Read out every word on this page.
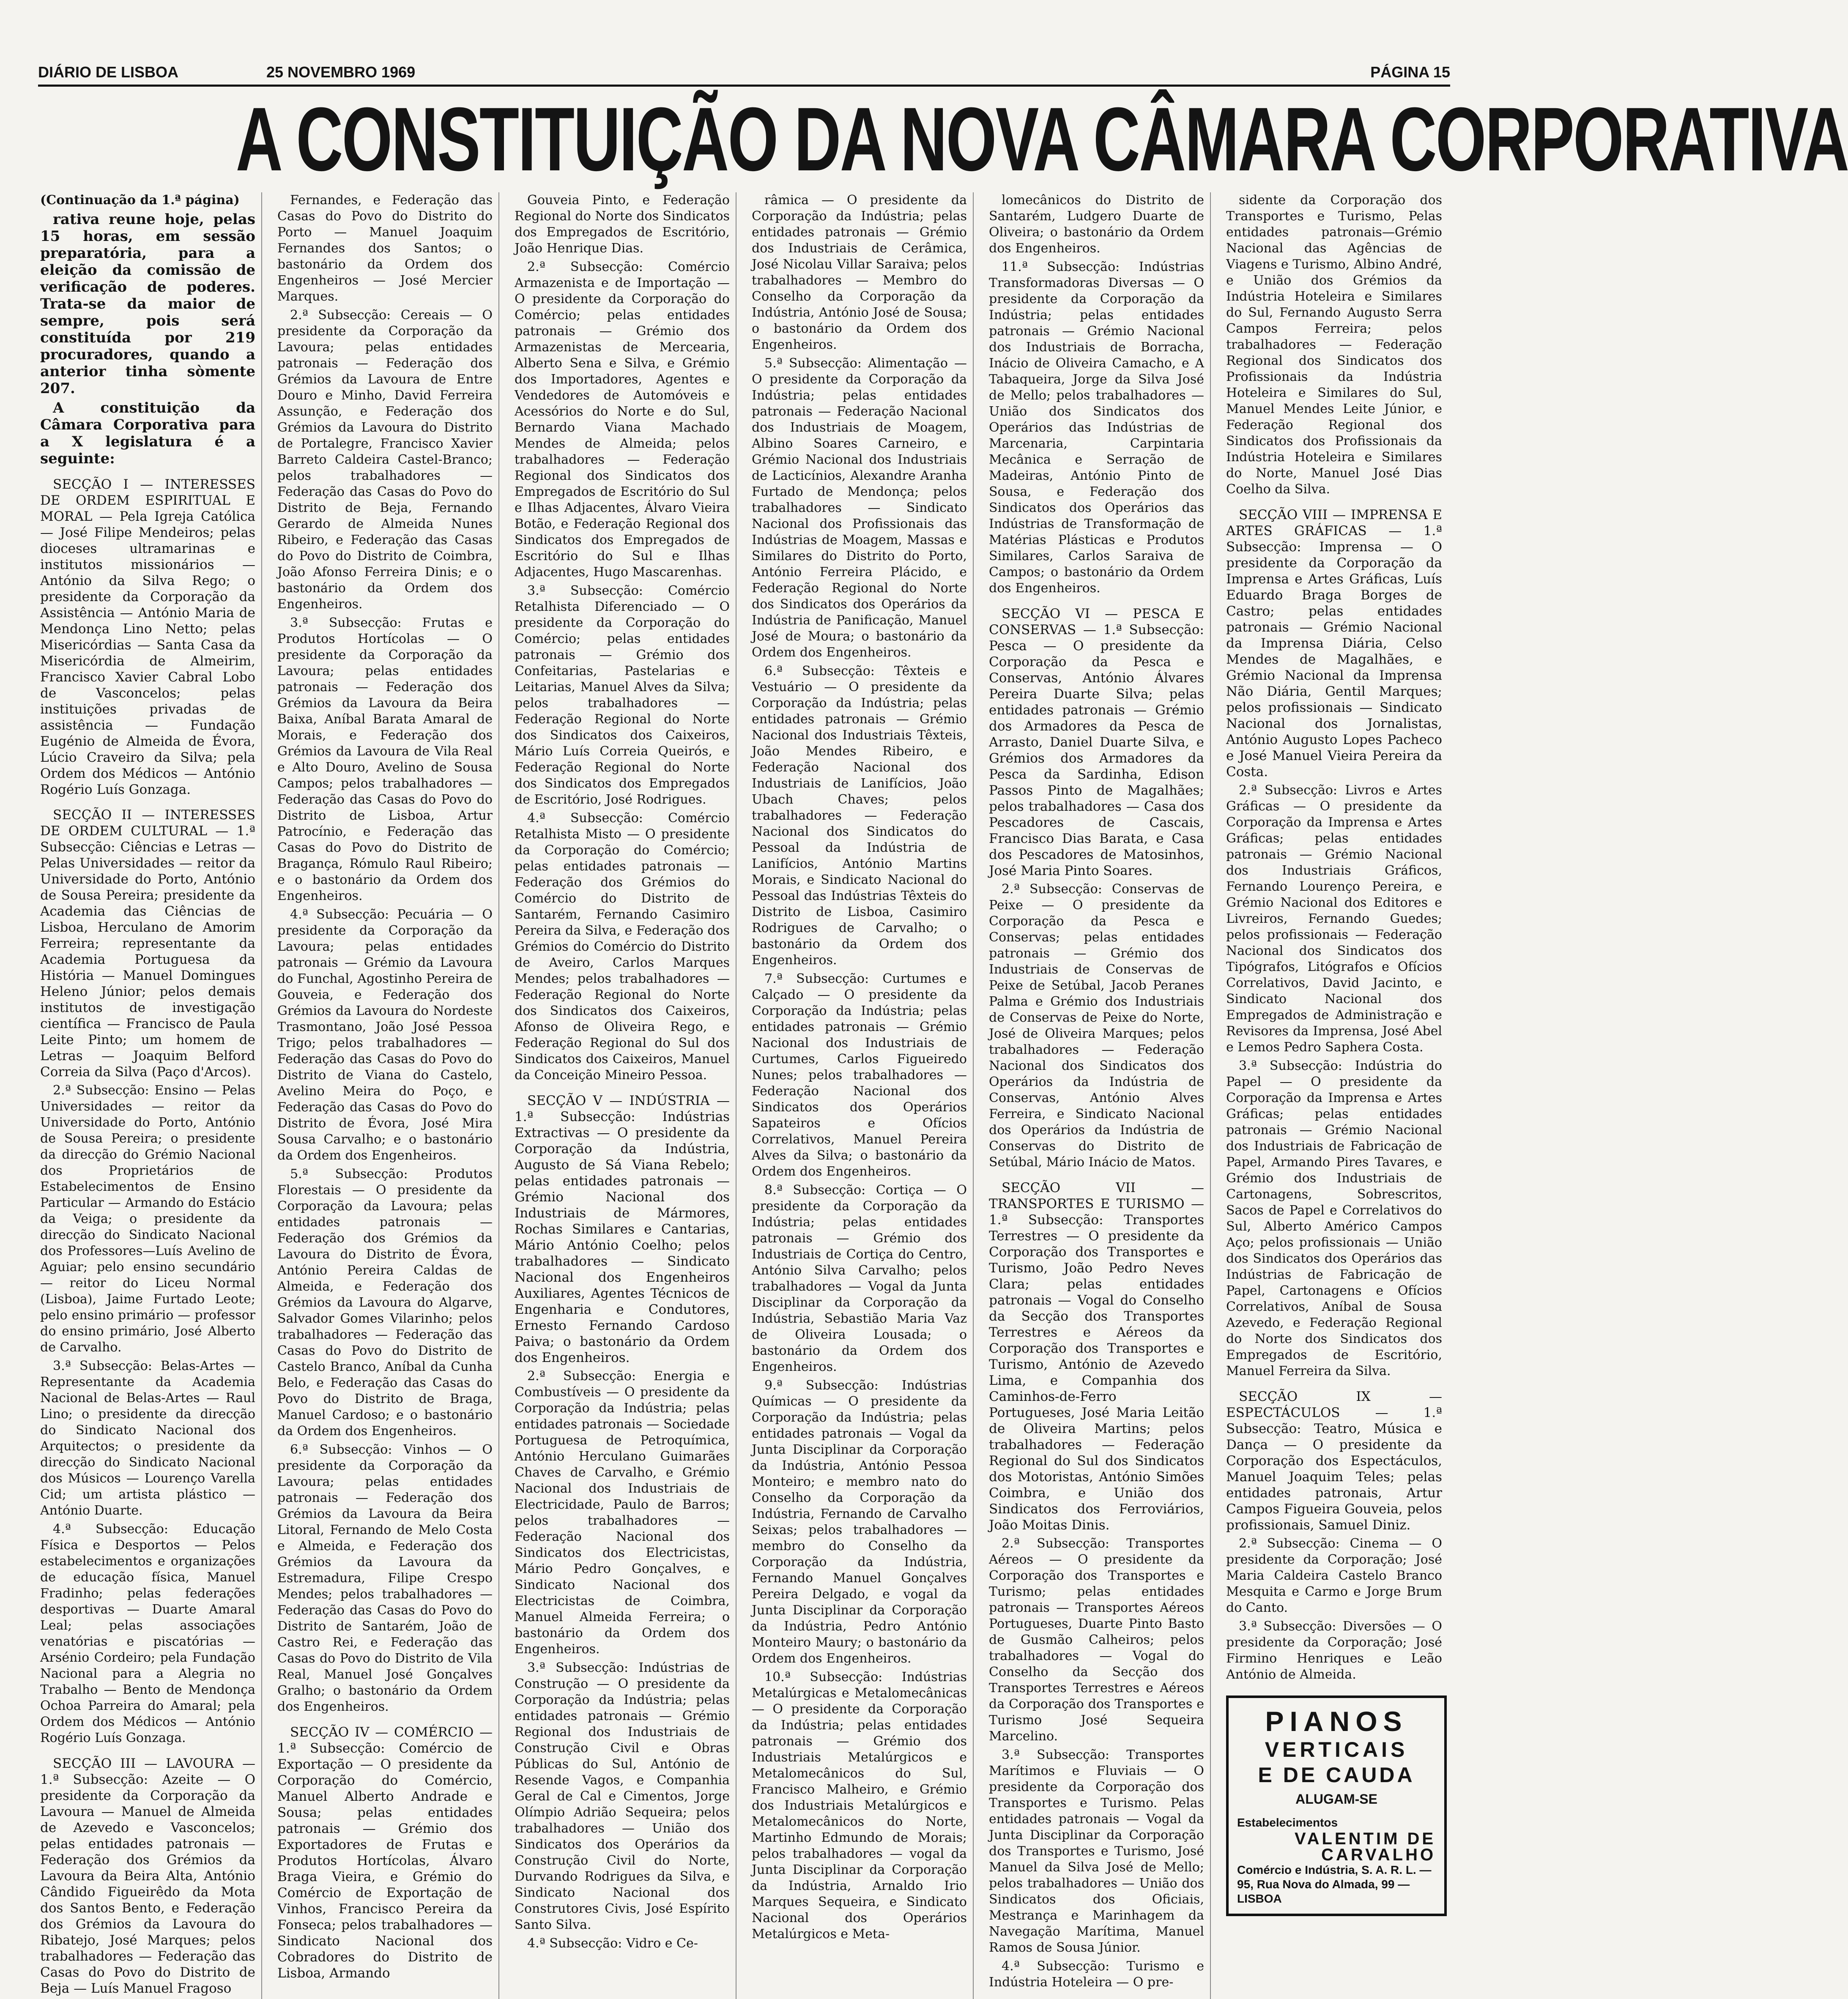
DIÁRIO DE LISBOA	25 NOVEMBRO 1969	PÁGINA 15
A CONSTITUIÇÃO DA NOVA CÂMARA CORPORATIVA

(Continuação da 1.ª página)

rativa reune hoje, pelas 15 horas, em sessão preparatória, para a eleição da comissão de verificação de poderes. Trata-se da maior de sempre, pois será constituída por 219 procuradores, quando a anterior tinha sòmente 207.

A constituição da Câmara Corporativa para a X legislatura é a seguinte:

SECÇÃO I — INTERESSES DE ORDEM ESPIRITUAL E MORAL — Pela Igreja Católica — José Filipe Mendeiros; pelas dioceses ultramarinas e institutos missionários — António da Silva Rego; o presidente da Corporação da Assistência — António Maria de Mendonça Lino Netto; pelas Misericórdias — Santa Casa da Misericórdia de Almeirim, Francisco Xavier Cabral Lobo de Vasconcelos; pelas instituições privadas de assistência — Fundação Eugénio de Almeida de Évora, Lúcio Craveiro da Silva; pela Ordem dos Médicos — António Rogério Luís Gonzaga.

SECÇÃO II — INTERESSES DE ORDEM CULTURAL — 1.ª Subsecção: Ciências e Letras — Pelas Universidades — reitor da Universidade do Porto, António de Sousa Pereira; presidente da Academia das Ciências de Lisboa, Herculano de Amorim Ferreira; representante da Academia Portuguesa da História — Manuel Domingues Heleno Júnior; pelos demais institutos de investigação científica — Francisco de Paula Leite Pinto; um homem de Letras — Joaquim Belford Correia da Silva (Paço d'Arcos).

2.ª Subsecção: Ensino — Pelas Universidades — reitor da Universidade do Porto, António de Sousa Pereira; o presidente da direcção do Grémio Nacional dos Proprietários de Estabelecimentos de Ensino Particular — Armando do Estácio da Veiga; o presidente da direcção do Sindicato Nacional dos Professores—Luís Avelino de Aguiar; pelo ensino secundário — reitor do Liceu Normal (Lisboa), Jaime Furtado Leote; pelo ensino primário — professor do ensino primário, José Alberto de Carvalho.

3.ª Subsecção: Belas-Artes — Representante da Academia Nacional de Belas-Artes — Raul Lino; o presidente da direcção do Sindicato Nacional dos Arquitectos; o presidente da direcção do Sindicato Nacional dos Músicos — Lourenço Varella Cid; um artista plástico — António Duarte.

4.ª Subsecção: Educação Física e Desportos — Pelos estabelecimentos e organizações de educação física, Manuel Fradinho; pelas federações desportivas — Duarte Amaral Leal; pelas associações venatórias e piscatórias — Arsénio Cordeiro; pela Fundação Nacional para a Alegria no Trabalho — Bento de Mendonça Ochoa Parreira do Amaral; pela Ordem dos Médicos — António Rogério Luís Gonzaga.

SECÇÃO III — LAVOURA — 1.ª Subsecção: Azeite — O presidente da Corporação da Lavoura — Manuel de Almeida de Azevedo e Vasconcelos; pelas entidades patronais — Federação dos Grémios da Lavoura da Beira Alta, António Cândido Figueirêdo da Mota dos Santos Bento, e Federação dos Grémios da Lavoura do Ribatejo, José Marques; pelos trabalhadores — Federação das Casas do Povo do Distrito de Beja — Luís Manuel Fragoso

Fernandes, e Federação das Casas do Povo do Distrito do Porto — Manuel Joaquim Fernandes dos Santos; o bastonário da Ordem dos Engenheiros — José Mercier Marques.

2.ª Subsecção: Cereais — O presidente da Corporação da Lavoura; pelas entidades patronais — Federação dos Grémios da Lavoura de Entre Douro e Minho, David Ferreira Assunção, e Federação dos Grémios da Lavoura do Distrito de Portalegre, Francisco Xavier Barreto Caldeira Castel-Branco; pelos trabalhadores — Federação das Casas do Povo do Distrito de Beja, Fernando Gerardo de Almeida Nunes Ribeiro, e Federação das Casas do Povo do Distrito de Coimbra, João Afonso Ferreira Dinis; e o bastonário da Ordem dos Engenheiros.

3.ª Subsecção: Frutas e Produtos Hortícolas — O presidente da Corporação da Lavoura; pelas entidades patronais — Federação dos Grémios da Lavoura da Beira Baixa, Aníbal Barata Amaral de Morais, e Federação dos Grémios da Lavoura de Vila Real e Alto Douro, Avelino de Sousa Campos; pelos trabalhadores — Federação das Casas do Povo do Distrito de Lisboa, Artur Patrocínio, e Federação das Casas do Povo do Distrito de Bragança, Rómulo Raul Ribeiro; e o bastonário da Ordem dos Engenheiros.

4.ª Subsecção: Pecuária — O presidente da Corporação da Lavoura; pelas entidades patronais — Grémio da Lavoura do Funchal, Agostinho Pereira de Gouveia, e Federação dos Grémios da Lavoura do Nordeste Trasmontano, João José Pessoa Trigo; pelos trabalhadores — Federação das Casas do Povo do Distrito de Viana do Castelo, Avelino Meira do Poço, e Federação das Casas do Povo do Distrito de Évora, José Mira Sousa Carvalho; e o bastonário da Ordem dos Engenheiros.

5.ª Subsecção: Produtos Florestais — O presidente da Corporação da Lavoura; pelas entidades patronais — Federação dos Grémios da Lavoura do Distrito de Évora, António Pereira Caldas de Almeida, e Federação dos Grémios da Lavoura do Algarve, Salvador Gomes Vilarinho; pelos trabalhadores — Federação das Casas do Povo do Distrito de Castelo Branco, Aníbal da Cunha Belo, e Federação das Casas do Povo do Distrito de Braga, Manuel Cardoso; e o bastonário da Ordem dos Engenheiros.

6.ª Subsecção: Vinhos — O presidente da Corporação da Lavoura; pelas entidades patronais — Federação dos Grémios da Lavoura da Beira Litoral, Fernando de Melo Costa e Almeida, e Federação dos Grémios da Lavoura da Estremadura, Filipe Crespo Mendes; pelos trabalhadores — Federação das Casas do Povo do Distrito de Santarém, João de Castro Rei, e Federação das Casas do Povo do Distrito de Vila Real, Manuel José Gonçalves Gralho; o bastonário da Ordem dos Engenheiros.

SECÇÃO IV — COMÉRCIO — 1.ª Subsecção: Comércio de Exportação — O presidente da Corporação do Comércio, Manuel Alberto Andrade e Sousa; pelas entidades patronais — Grémio dos Exportadores de Frutas e Produtos Hortícolas, Álvaro Braga Vieira, e Grémio do Comércio de Exportação de Vinhos, Francisco Pereira da Fonseca; pelos trabalhadores — Sindicato Nacional dos Cobradores do Distrito de Lisboa, Armando

Gouveia Pinto, e Federação Regional do Norte dos Sindicatos dos Empregados de Escritório, João Henrique Dias.

2.ª Subsecção: Comércio Armazenista e de Importação — O presidente da Corporação do Comércio; pelas entidades patronais — Grémio dos Armazenistas de Mercearia, Alberto Sena e Silva, e Grémio dos Importadores, Agentes e Vendedores de Automóveis e Acessórios do Norte e do Sul, Bernardo Viana Machado Mendes de Almeida; pelos trabalhadores — Federação Regional dos Sindicatos dos Empregados de Escritório do Sul e Ilhas Adjacentes, Álvaro Vieira Botão, e Federação Regional dos Sindicatos dos Empregados de Escritório do Sul e Ilhas Adjacentes, Hugo Mascarenhas.

3.ª Subsecção: Comércio Retalhista Diferenciado — O presidente da Corporação do Comércio; pelas entidades patronais — Grémio dos Confeitarias, Pastelarias e Leitarias, Manuel Alves da Silva; pelos trabalhadores — Federação Regional do Norte dos Sindicatos dos Caixeiros, Mário Luís Correia Queirós, e Federação Regional do Norte dos Sindicatos dos Empregados de Escritório, José Rodrigues.

4.ª Subsecção: Comércio Retalhista Misto — O presidente da Corporação do Comércio; pelas entidades patronais — Federação dos Grémios do Comércio do Distrito de Santarém, Fernando Casimiro Pereira da Silva, e Federação dos Grémios do Comércio do Distrito de Aveiro, Carlos Marques Mendes; pelos trabalhadores — Federação Regional do Norte dos Sindicatos dos Caixeiros, Afonso de Oliveira Rego, e Federação Regional do Sul dos Sindicatos dos Caixeiros, Manuel da Conceição Mineiro Pessoa.

SECÇÃO V — INDÚSTRIA — 1.ª Subsecção: Indústrias Extractivas — O presidente da Corporação da Indústria, Augusto de Sá Viana Rebelo; pelas entidades patronais — Grémio Nacional dos Industriais de Mármores, Rochas Similares e Cantarias, Mário António Coelho; pelos trabalhadores — Sindicato Nacional dos Engenheiros Auxiliares, Agentes Técnicos de Engenharia e Condutores, Ernesto Fernando Cardoso Paiva; o bastonário da Ordem dos Engenheiros.

2.ª Subsecção: Energia e Combustíveis — O presidente da Corporação da Indústria; pelas entidades patronais — Sociedade Portuguesa de Petroquímica, António Herculano Guimarães Chaves de Carvalho, e Grémio Nacional dos Industriais de Electricidade, Paulo de Barros; pelos trabalhadores — Federação Nacional dos Sindicatos dos Electricistas, Mário Pedro Gonçalves, e Sindicato Nacional dos Electricistas de Coimbra, Manuel Almeida Ferreira; o bastonário da Ordem dos Engenheiros.

3.ª Subsecção: Indústrias de Construção — O presidente da Corporação da Indústria; pelas entidades patronais — Grémio Regional dos Industriais de Construção Civil e Obras Públicas do Sul, António de Resende Vagos, e Companhia Geral de Cal e Cimentos, Jorge Olímpio Adrião Sequeira; pelos trabalhadores — União dos Sindicatos dos Operários da Construção Civil do Norte, Durvando Rodrigues da Silva, e Sindicato Nacional dos Construtores Civis, José Espírito Santo Silva.

4.ª Subsecção: Vidro e Ce-

râmica — O presidente da Corporação da Indústria; pelas entidades patronais — Grémio dos Industriais de Cerâmica, José Nicolau Villar Saraiva; pelos trabalhadores — Membro do Conselho da Corporação da Indústria, António José de Sousa; o bastonário da Ordem dos Engenheiros.

5.ª Subsecção: Alimentação — O presidente da Corporação da Indústria; pelas entidades patronais — Federação Nacional dos Industriais de Moagem, Albino Soares Carneiro, e Grémio Nacional dos Industriais de Lacticínios, Alexandre Aranha Furtado de Mendonça; pelos trabalhadores — Sindicato Nacional dos Profissionais das Indústrias de Moagem, Massas e Similares do Distrito do Porto, António Ferreira Plácido, e Federação Regional do Norte dos Sindicatos dos Operários da Indústria de Panificação, Manuel José de Moura; o bastonário da Ordem dos Engenheiros.

6.ª Subsecção: Têxteis e Vestuário — O presidente da Corporação da Indústria; pelas entidades patronais — Grémio Nacional dos Industriais Têxteis, João Mendes Ribeiro, e Federação Nacional dos Industriais de Lanifícios, João Ubach Chaves; pelos trabalhadores — Federação Nacional dos Sindicatos do Pessoal da Indústria de Lanifícios, António Martins Morais, e Sindicato Nacional do Pessoal das Indústrias Têxteis do Distrito de Lisboa, Casimiro Rodrigues de Carvalho; o bastonário da Ordem dos Engenheiros.

7.ª Subsecção: Curtumes e Calçado — O presidente da Corporação da Indústria; pelas entidades patronais — Grémio Nacional dos Industriais de Curtumes, Carlos Figueiredo Nunes; pelos trabalhadores — Federação Nacional dos Sindicatos dos Operários Sapateiros e Ofícios Correlativos, Manuel Pereira Alves da Silva; o bastonário da Ordem dos Engenheiros.

8.ª Subsecção: Cortiça — O presidente da Corporação da Indústria; pelas entidades patronais — Grémio dos Industriais de Cortiça do Centro, António Silva Carvalho; pelos trabalhadores — Vogal da Junta Disciplinar da Corporação da Indústria, Sebastião Maria Vaz de Oliveira Lousada; o bastonário da Ordem dos Engenheiros.

9.ª Subsecção: Indústrias Químicas — O presidente da Corporação da Indústria; pelas entidades patronais — Vogal da Junta Disciplinar da Corporação da Indústria, António Pessoa Monteiro; e membro nato do Conselho da Corporação da Indústria, Fernando de Carvalho Seixas; pelos trabalhadores — membro do Conselho da Corporação da Indústria, Fernando Manuel Gonçalves Pereira Delgado, e vogal da Junta Disciplinar da Corporação da Indústria, Pedro António Monteiro Maury; o bastonário da Ordem dos Engenheiros.

10.ª Subsecção: Indústrias Metalúrgicas e Metalomecânicas — O presidente da Corporação da Indústria; pelas entidades patronais — Grémio dos Industriais Metalúrgicos e Metalomecânicos do Sul, Francisco Malheiro, e Grémio dos Industriais Metalúrgicos e Metalomecânicos do Norte, Martinho Edmundo de Morais; pelos trabalhadores — vogal da Junta Disciplinar da Corporação da Indústria, Arnaldo Irio Marques Sequeira, e Sindicato Nacional dos Operários Metalúrgicos e Meta-

lomecânicos do Distrito de Santarém, Ludgero Duarte de Oliveira; o bastonário da Ordem dos Engenheiros.

11.ª Subsecção: Indústrias Transformadoras Diversas — O presidente da Corporação da Indústria; pelas entidades patronais — Grémio Nacional dos Industriais de Borracha, Inácio de Oliveira Camacho, e A Tabaqueira, Jorge da Silva José de Mello; pelos trabalhadores — União dos Sindicatos dos Operários das Indústrias de Marcenaria, Carpintaria Mecânica e Serração de Madeiras, António Pinto de Sousa, e Federação dos Sindicatos dos Operários das Indústrias de Transformação de Matérias Plásticas e Produtos Similares, Carlos Saraiva de Campos; o bastonário da Ordem dos Engenheiros.

SECÇÃO VI — PESCA E CONSERVAS — 1.ª Subsecção: Pesca — O presidente da Corporação da Pesca e Conservas, António Álvares Pereira Duarte Silva; pelas entidades patronais — Grémio dos Armadores da Pesca de Arrasto, Daniel Duarte Silva, e Grémios dos Armadores da Pesca da Sardinha, Edison Passos Pinto de Magalhães; pelos trabalhadores — Casa dos Pescadores de Cascais, Francisco Dias Barata, e Casa dos Pescadores de Matosinhos, José Maria Pinto Soares.

2.ª Subsecção: Conservas de Peixe — O presidente da Corporação da Pesca e Conservas; pelas entidades patronais — Grémio dos Industriais de Conservas de Peixe de Setúbal, Jacob Peranes Palma e Grémio dos Industriais de Conservas de Peixe do Norte, José de Oliveira Marques; pelos trabalhadores — Federação Nacional dos Sindicatos dos Operários da Indústria de Conservas, António Alves Ferreira, e Sindicato Nacional dos Operários da Indústria de Conservas do Distrito de Setúbal, Mário Inácio de Matos.

SECÇÃO VII — TRANSPORTES E TURISMO — 1.ª Subsecção: Transportes Terrestres — O presidente da Corporação dos Transportes e Turismo, João Pedro Neves Clara; pelas entidades patronais — Vogal do Conselho da Secção dos Transportes Terrestres e Aéreos da Corporação dos Transportes e Turismo, António de Azevedo Lima, e Companhia dos Caminhos-de-Ferro Portugueses, José Maria Leitão de Oliveira Martins; pelos trabalhadores — Federação Regional do Sul dos Sindicatos dos Motoristas, António Simões Coimbra, e União dos Sindicatos dos Ferroviários, João Moitas Dinis.

2.ª Subsecção: Transportes Aéreos — O presidente da Corporação dos Transportes e Turismo; pelas entidades patronais — Transportes Aéreos Portugueses, Duarte Pinto Basto de Gusmão Calheiros; pelos trabalhadores — Vogal do Conselho da Secção dos Transportes Terrestres e Aéreos da Corporação dos Transportes e Turismo José Sequeira Marcelino.

3.ª Subsecção: Transportes Marítimos e Fluviais — O presidente da Corporação dos Transportes e Turismo. Pelas entidades patronais — Vogal da Junta Disciplinar da Corporação dos Transportes e Turismo, José Manuel da Silva José de Mello; pelos trabalhadores — União dos Sindicatos dos Oficiais, Mestrança e Marinhagem da Navegação Marítima, Manuel Ramos de Sousa Júnior.

4.ª Subsecção: Turismo e Indústria Hoteleira — O pre-

sidente da Corporação dos Transportes e Turismo, Pelas entidades patronais—Grémio Nacional das Agências de Viagens e Turismo, Albino André, e União dos Grémios da Indústria Hoteleira e Similares do Sul, Fernando Augusto Serra Campos Ferreira; pelos trabalhadores — Federação Regional dos Sindicatos dos Profissionais da Indústria Hoteleira e Similares do Sul, Manuel Mendes Leite Júnior, e Federação Regional dos Sindicatos dos Profissionais da Indústria Hoteleira e Similares do Norte, Manuel José Dias Coelho da Silva.

SECÇÃO VIII — IMPRENSA E ARTES GRÁFICAS — 1.ª Subsecção: Imprensa — O presidente da Corporação da Imprensa e Artes Gráficas, Luís Eduardo Braga Borges de Castro; pelas entidades patronais — Grémio Nacional da Imprensa Diária, Celso Mendes de Magalhães, e Grémio Nacional da Imprensa Não Diária, Gentil Marques; pelos profissionais — Sindicato Nacional dos Jornalistas, António Augusto Lopes Pacheco e José Manuel Vieira Pereira da Costa.

2.ª Subsecção: Livros e Artes Gráficas — O presidente da Corporação da Imprensa e Artes Gráficas; pelas entidades patronais — Grémio Nacional dos Industriais Gráficos, Fernando Lourenço Pereira, e Grémio Nacional dos Editores e Livreiros, Fernando Guedes; pelos profissionais — Federação Nacional dos Sindicatos dos Tipógrafos, Litógrafos e Ofícios Correlativos, David Jacinto, e Sindicato Nacional dos Empregados de Administração e Revisores da Imprensa, José Abel e Lemos Pedro Saphera Costa.

3.ª Subsecção: Indústria do Papel — O presidente da Corporação da Imprensa e Artes Gráficas; pelas entidades patronais — Grémio Nacional dos Industriais de Fabricação de Papel, Armando Pires Tavares, e Grémio dos Industriais de Cartonagens, Sobrescritos, Sacos de Papel e Correlativos do Sul, Alberto Américo Campos Aço; pelos profissionais — União dos Sindicatos dos Operários das Indústrias de Fabricação de Papel, Cartonagens e Ofícios Correlativos, Aníbal de Sousa Azevedo, e Federação Regional do Norte dos Sindicatos dos Empregados de Escritório, Manuel Ferreira da Silva.

SECÇÃO IX — ESPECTÁCULOS — 1.ª Subsecção: Teatro, Música e Dança — O presidente da Corporação dos Espectáculos, Manuel Joaquim Teles; pelas entidades patronais, Artur Campos Figueira Gouveia, pelos profissionais, Samuel Diniz.

2.ª Subsecção: Cinema — O presidente da Corporação; José Maria Caldeira Castelo Branco Mesquita e Carmo e Jorge Brum do Canto.

3.ª Subsecção: Diversões — O presidente da Corporação; José Firmino Henriques e Leão António de Almeida.

PIANOS
VERTICAIS
E DE CAUDA
ALUGAM-SE
Estabelecimentos
VALENTIM DE CARVALHO
Comércio e Indústria, S. A. R. L. — 95, Rua Nova do Almada, 99 — LISBOA
